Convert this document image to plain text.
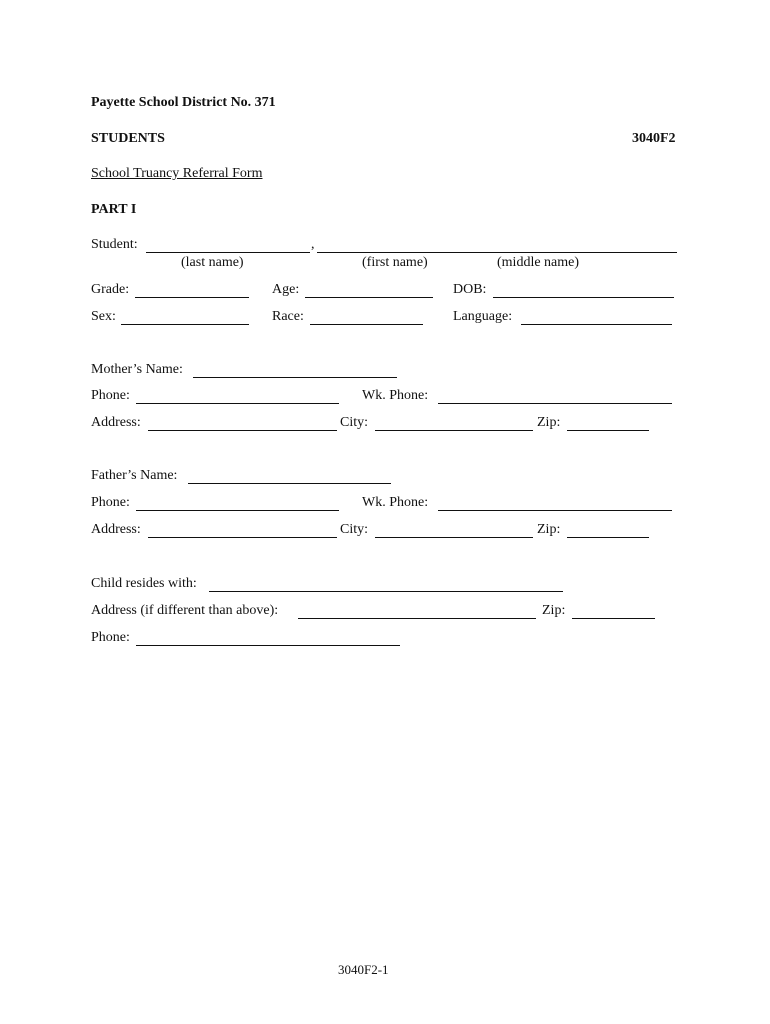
Payette School District No. 371
STUDENTS	3040F2
School Truancy Referral Form
PART I
Student:	,
(last name)	(first name)	(middle name)
Grade:	Age:	DOB:
Sex:	Race:	Language:
Mother’s Name:
Phone:	Wk. Phone:
Address:	City:	Zip:
Father’s Name:
Phone:	Wk. Phone:
Address:	City:	Zip:
Child resides with:
Address (if different than above):	Zip:
Phone:
3040F2-1
